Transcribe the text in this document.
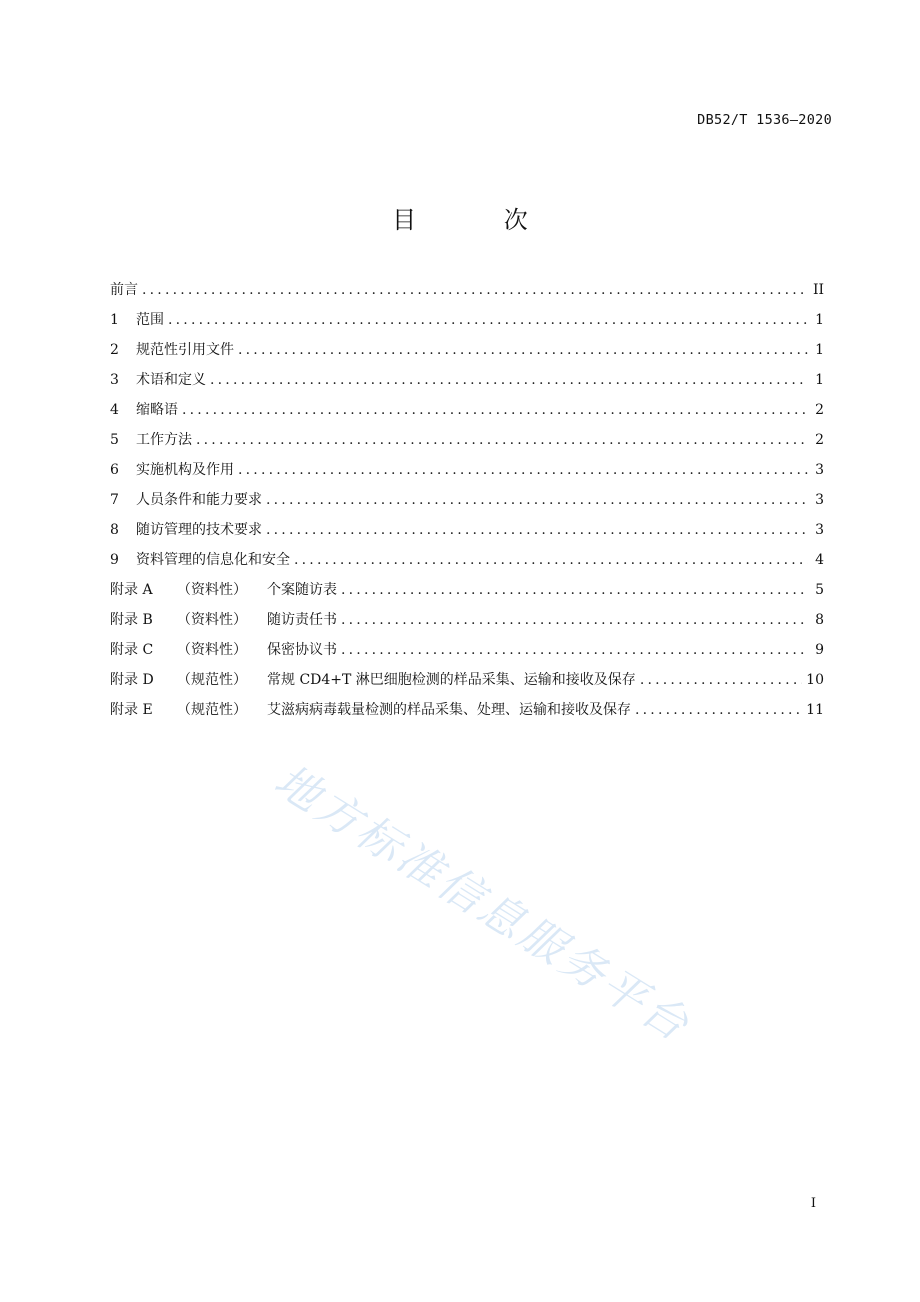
DB52/T 1536—2020
目 次
前言 .....	II
1	范围 .....	1
2	规范性引用文件 .....	1
3	术语和定义 .....	1
4	缩略语 .....	2
5	工作方法 .....	2
6	实施机构及作用 .....	3
7	人员条件和能力要求 .....	3
8	随访管理的技术要求 .....	3
9	资料管理的信息化和安全 .....	4
附录 A	（资料性）	个案随访表 .....	5
附录 B	（资料性）	随访责任书 .....	8
附录 C	（资料性）	保密协议书 .....	9
附录 D	（规范性）	常规 CD4+T 淋巴细胞检测的样品采集、运输和接收及保存 .....	10
附录 E	（规范性）	艾滋病病毒载量检测的样品采集、处理、运输和接收及保存 .....	11
地方标准信息服务平台
I
